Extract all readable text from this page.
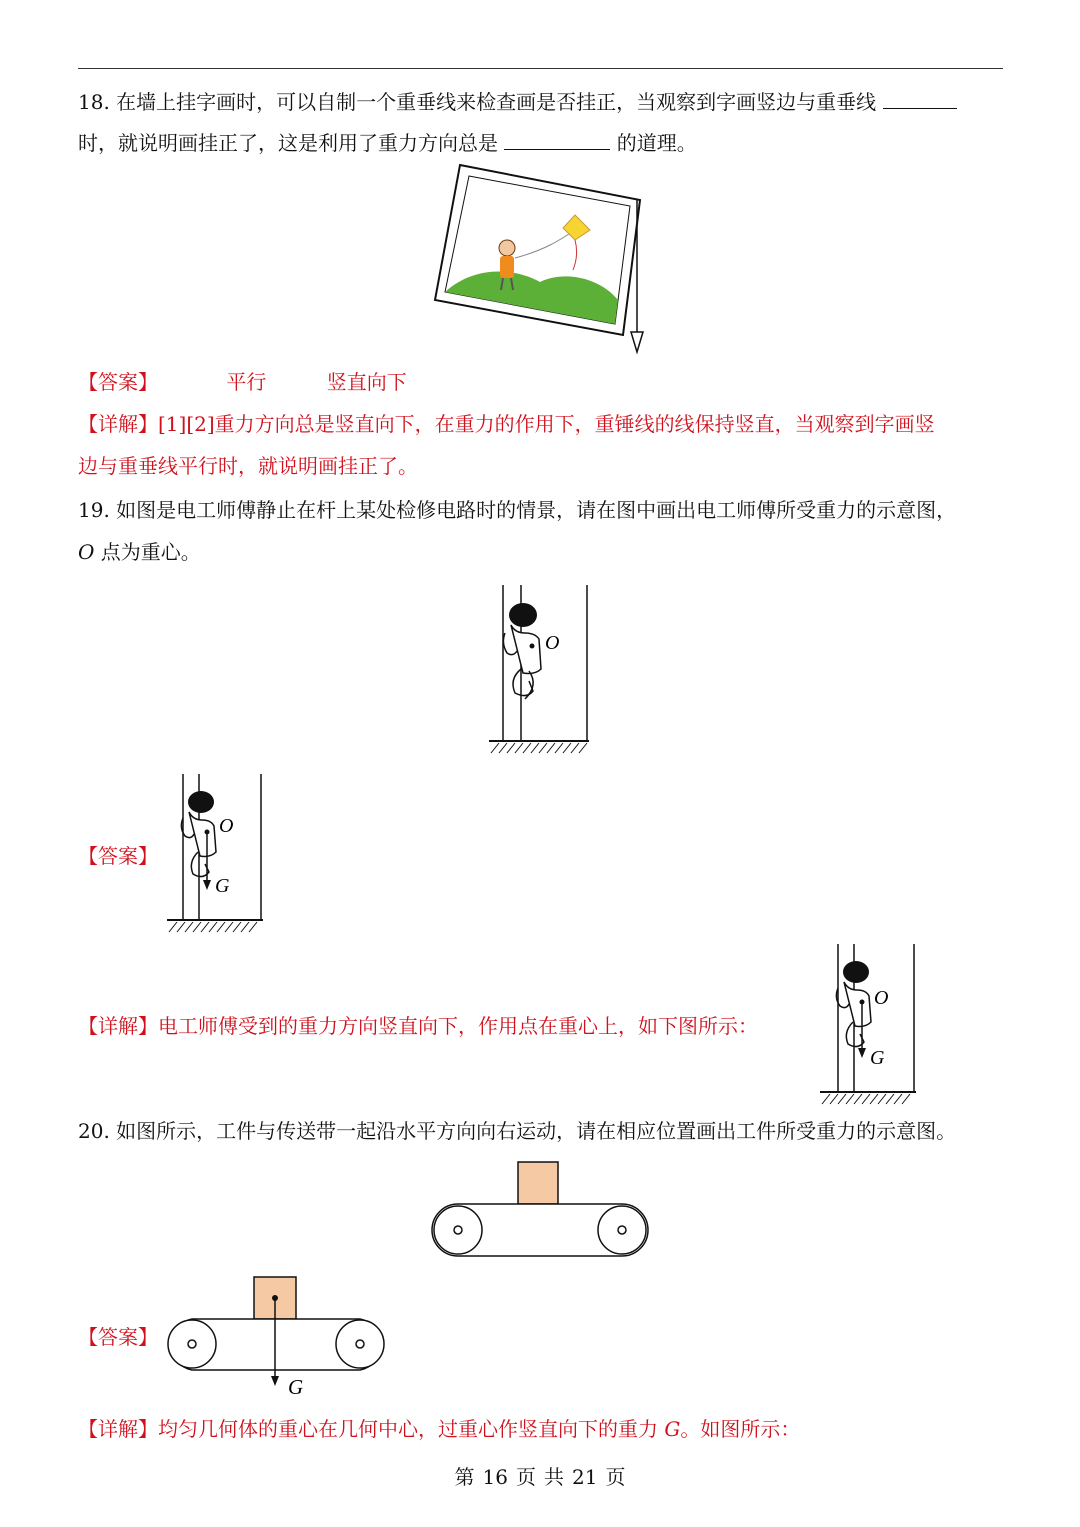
18. 在墙上挂字画时，可以自制一个重垂线来检查画是否挂正，当观察到字画竖边与重垂线
时，就说明画挂正了，这是利用了重力方向总是	的道理。
【答案】	平行	竖直向下
【详解】[1][2]重力方向总是竖直向下，在重力的作用下，重锤线的线保持竖直，当观察到字画竖
边与重垂线平行时，就说明画挂正了。
19. 如图是电工师傅静止在杆上某处检修电路时的情景，请在图中画出电工师傅所受重力的示意图，
O 点为重心。
O
【答案】
O
G
【详解】电工师傅受到的重力方向竖直向下，作用点在重心上，如下图所示：
O
G
20. 如图所示，工件与传送带一起沿水平方向向右运动，请在相应位置画出工件所受重力的示意图。
【答案】
G
【详解】均匀几何体的重心在几何中心，过重心作竖直向下的重力 G。如图所示：
第 16 页 共 21 页
